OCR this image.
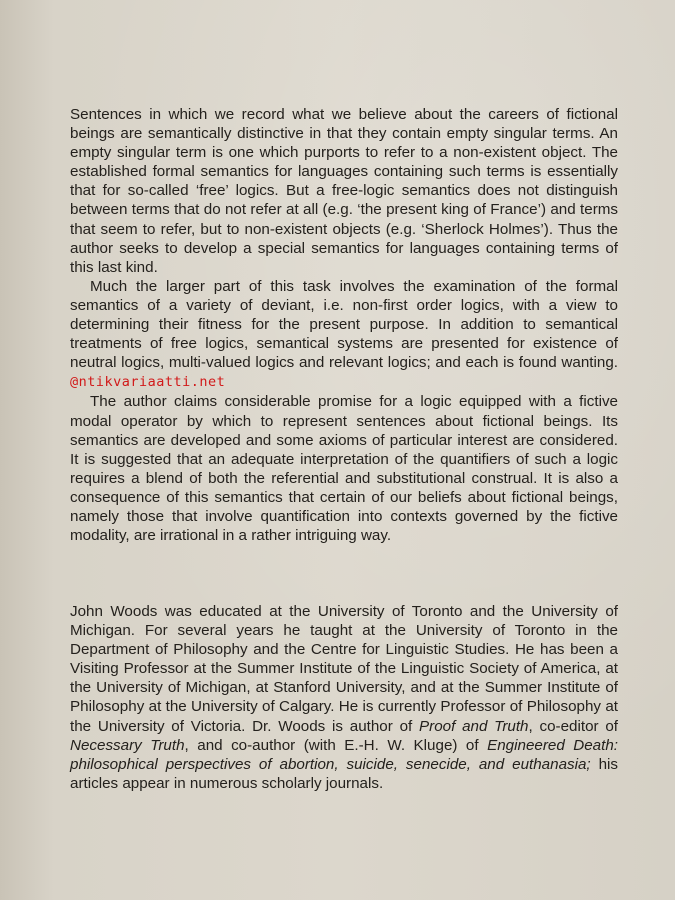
Sentences in which we record what we believe about the careers of fictional beings are semantically distinctive in that they contain empty singular terms. An empty singular term is one which purports to refer to a non-existent object. The established formal semantics for languages containing such terms is essentially that for so-called ‘free’ logics. But a free-logic semantics does not distinguish between terms that do not refer at all (e.g. ‘the present king of France’) and terms that seem to refer, but to non-existent objects (e.g. ‘Sherlock Holmes’). Thus the author seeks to develop a special semantics for languages containing terms of this last kind.

Much the larger part of this task involves the examination of the formal semantics of a variety of deviant, i.e. non-first order logics, with a view to determining their fitness for the present purpose. In addition to semantical treatments of free logics, semantical systems are presented for existence of neutral logics, multi-valued logics and relevant logics; and each is found wanting. @ntikvariaatti.net

The author claims considerable promise for a logic equipped with a fictive modal operator by which to represent sentences about fictional beings. Its semantics are developed and some axioms of particular interest are considered. It is suggested that an adequate interpretation of the quantifiers of such a logic requires a blend of both the referential and substitutional construal. It is also a consequence of this semantics that certain of our beliefs about fictional beings, namely those that involve quantification into contexts governed by the fictive modality, are irrational in a rather intriguing way.

John Woods was educated at the University of Toronto and the University of Michigan. For several years he taught at the University of Toronto in the Department of Philosophy and the Centre for Linguistic Studies. He has been a Visiting Professor at the Summer Institute of the Linguistic Society of America, at the University of Michigan, at Stanford University, and at the Summer Institute of Philosophy at the University of Calgary. He is currently Professor of Philosophy at the University of Victoria. Dr. Woods is author of Proof and Truth, co-editor of Necessary Truth, and co-author (with E.-H. W. Kluge) of Engineered Death: philosophical perspectives of abortion, suicide, senecide, and euthanasia; his articles appear in numerous scholarly journals.
